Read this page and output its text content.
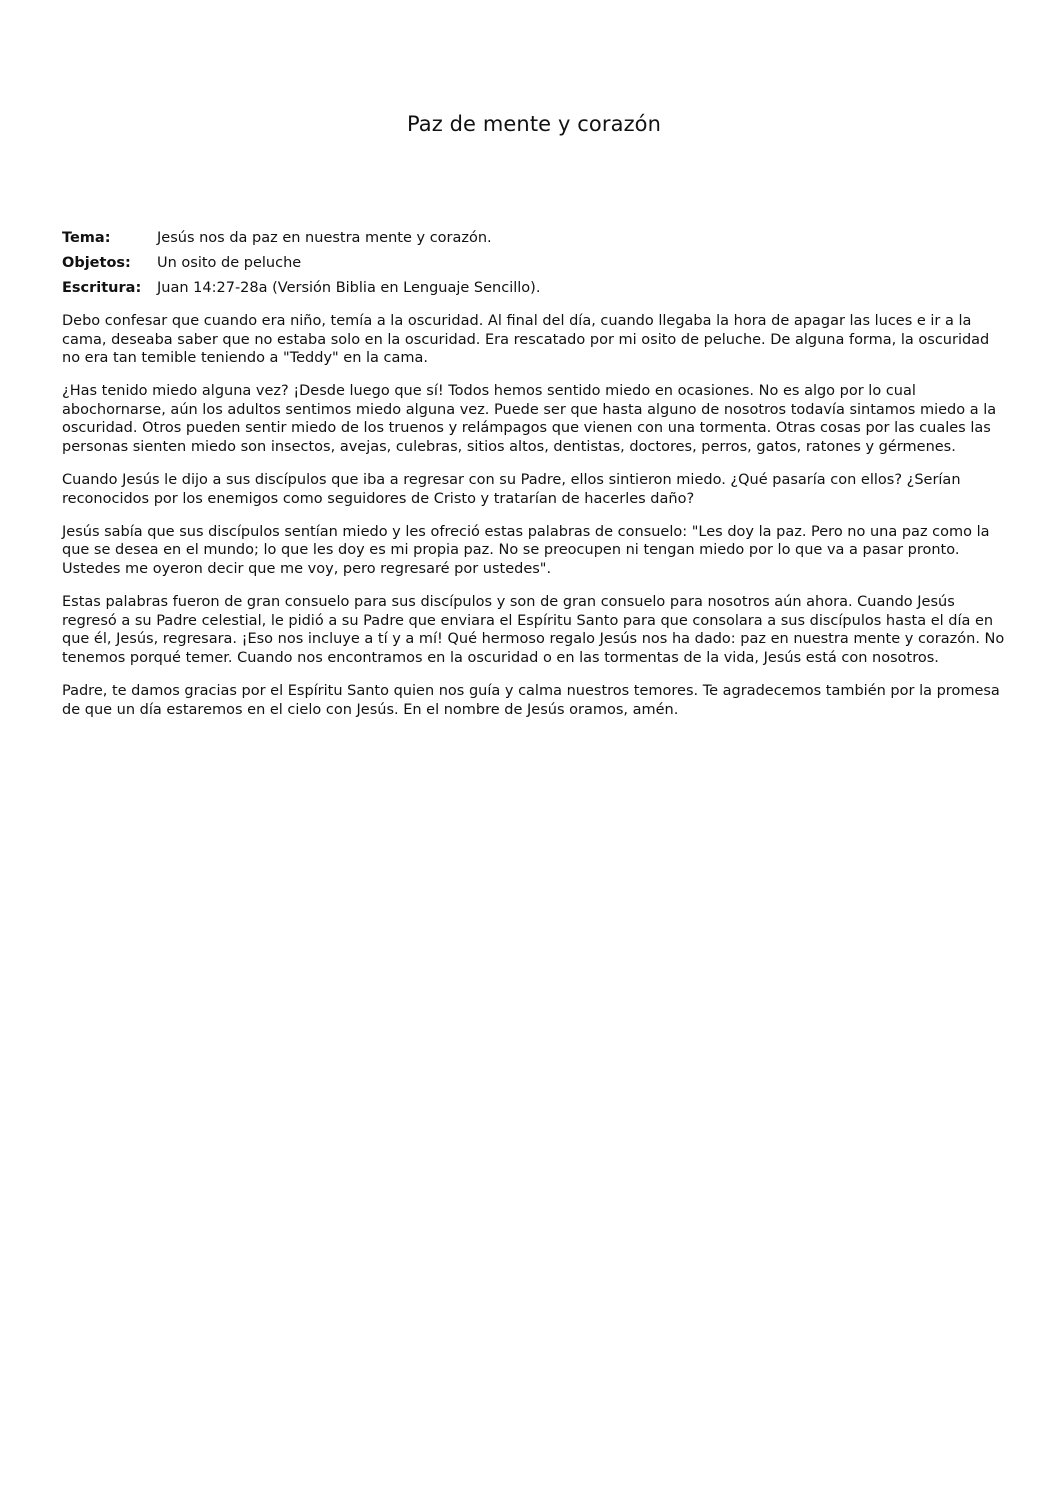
Paz de mente y corazón
Tema:	Jesús nos da paz en nuestra mente y corazón.
Objetos:	Un osito de peluche
Escritura:	Juan 14:27-28a (Versión Biblia en Lenguaje Sencillo).

Debo confesar que cuando era niño, temía a la oscuridad. Al final del día, cuando llegaba la hora de apagar las luces e ir a la cama, deseaba saber que no estaba solo en la oscuridad. Era rescatado por mi osito de peluche. De alguna forma, la oscuridad no era tan temible teniendo a "Teddy" en la cama.

¿Has tenido miedo alguna vez? ¡Desde luego que sí! Todos hemos sentido miedo en ocasiones. No es algo por lo cual abochornarse, aún los adultos sentimos miedo alguna vez. Puede ser que hasta alguno de nosotros todavía sintamos miedo a la oscuridad. Otros pueden sentir miedo de los truenos y relámpagos que vienen con una tormenta. Otras cosas por las cuales las personas sienten miedo son insectos, avejas, culebras, sitios altos, dentistas, doctores, perros, gatos, ratones y gérmenes.

Cuando Jesús le dijo a sus discípulos que iba a regresar con su Padre, ellos sintieron miedo. ¿Qué pasaría con ellos? ¿Serían reconocidos por los enemigos como seguidores de Cristo y tratarían de hacerles daño?

Jesús sabía que sus discípulos sentían miedo y les ofreció estas palabras de consuelo: "Les doy la paz. Pero no una paz como la que se desea en el mundo; lo que les doy es mi propia paz. No se preocupen ni tengan miedo por lo que va a pasar pronto. Ustedes me oyeron decir que me voy, pero regresaré por ustedes".

Estas palabras fueron de gran consuelo para sus discípulos y son de gran consuelo para nosotros aún ahora. Cuando Jesús regresó a su Padre celestial, le pidió a su Padre que enviara el Espíritu Santo para que consolara a sus discípulos hasta el día en que él, Jesús, regresara. ¡Eso nos incluye a tí y a mí! Qué hermoso regalo Jesús nos ha dado: paz en nuestra mente y corazón. No tenemos porqué temer. Cuando nos encontramos en la oscuridad o en las tormentas de la vida, Jesús está con nosotros.

Padre, te damos gracias por el Espíritu Santo quien nos guía y calma nuestros temores. Te agradecemos también por la promesa de que un día estaremos en el cielo con Jesús. En el nombre de Jesús oramos, amén.
